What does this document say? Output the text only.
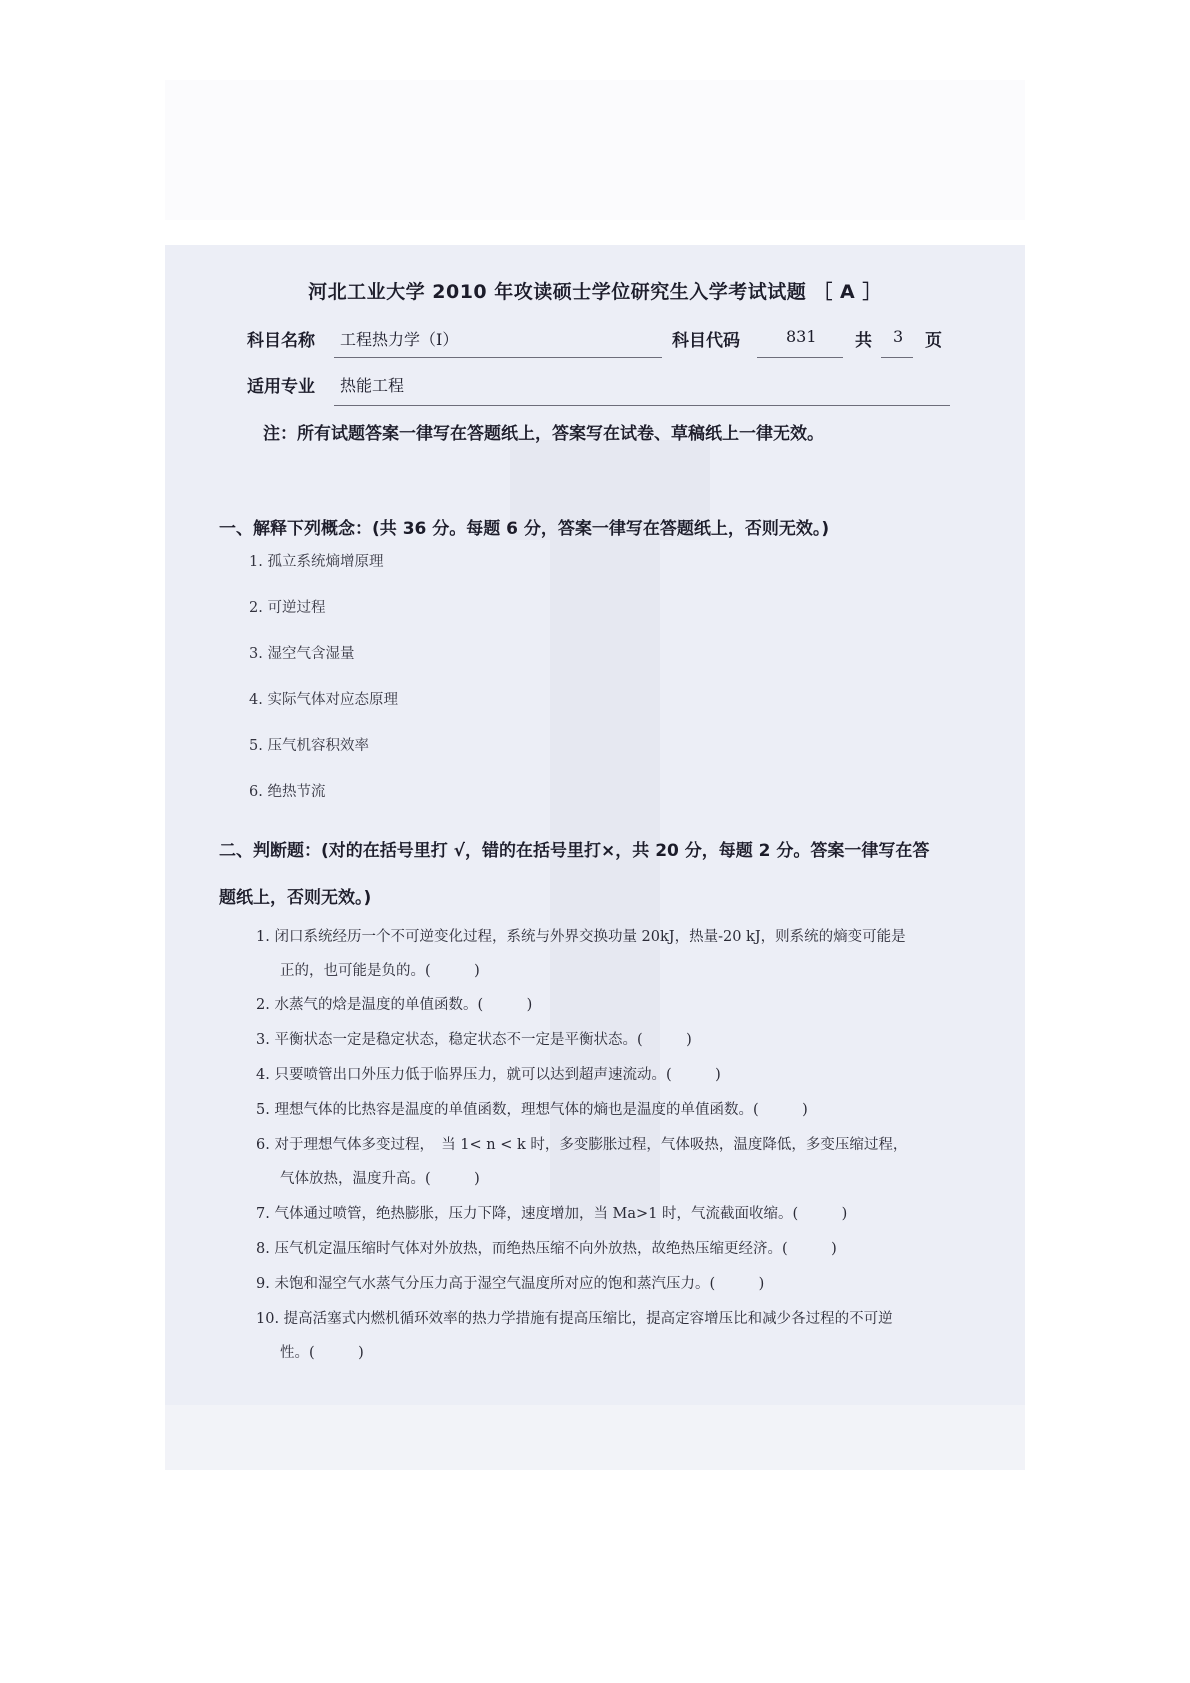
河北工业大学 2010 年攻读硕士学位研究生入学考试试题 ［ A ］
科目名称 工程热力学（Ⅰ）	科目代码	831 共 3 页
适用专业 热能工程
注：所有试题答案一律写在答题纸上，答案写在试卷、草稿纸上一律无效。
一、解释下列概念：(共 36 分。每题 6 分，答案一律写在答题纸上，否则无效。)
1. 孤立系统熵增原理
2. 可逆过程
3. 湿空气含湿量
4. 实际气体对应态原理
5. 压气机容积效率
6. 绝热节流
二、判断题：(对的在括号里打 √，错的在括号里打×，共 20 分，每题 2 分。答案一律写在答
题纸上，否则无效。)
1. 闭口系统经历一个不可逆变化过程，系统与外界交换功量 20kJ，热量-20 kJ，则系统的熵变可能是
正的，也可能是负的。(　　　)
2. 水蒸气的焓是温度的单值函数。(　　　)
3. 平衡状态一定是稳定状态，稳定状态不一定是平衡状态。(　　　)
4. 只要喷管出口外压力低于临界压力，就可以达到超声速流动。(　　　)
5. 理想气体的比热容是温度的单值函数，理想气体的熵也是温度的单值函数。(　　　)
6. 对于理想气体多变过程，　当 1< n < k 时，多变膨胀过程，气体吸热，温度降低，多变压缩过程，
气体放热，温度升高。(　　　)
7. 气体通过喷管，绝热膨胀，压力下降，速度增加，当 Ma>1 时，气流截面收缩。(　　　)
8. 压气机定温压缩时气体对外放热，而绝热压缩不向外放热，故绝热压缩更经济。(　　　)
9. 未饱和湿空气水蒸气分压力高于湿空气温度所对应的饱和蒸汽压力。(　　　)
10. 提高活塞式内燃机循环效率的热力学措施有提高压缩比，提高定容增压比和减少各过程的不可逆
性。(　　　)
